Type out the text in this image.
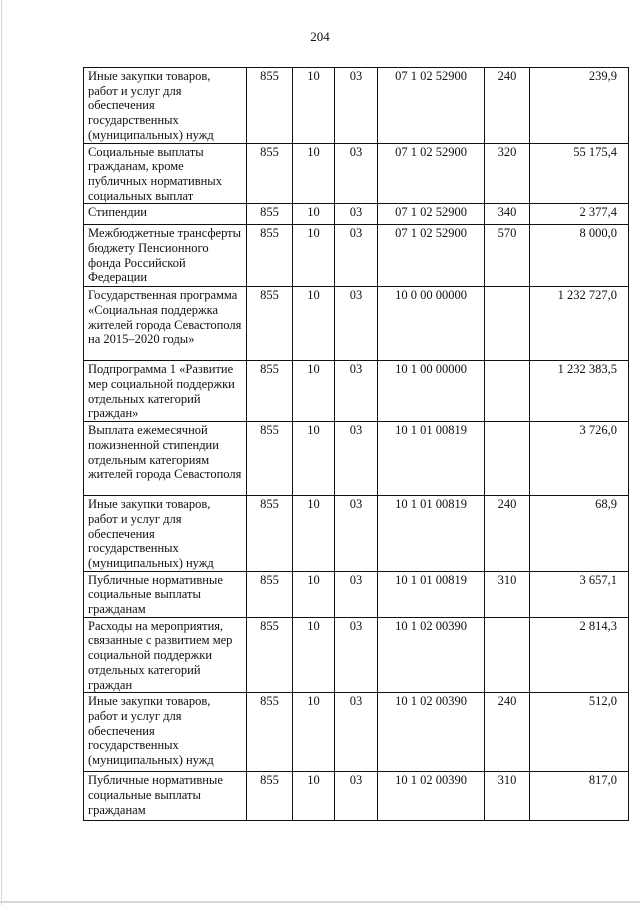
204
Иные закупки товаров, работ и услуг для обеспечения государственных (муниципальных) нужд	855	10	03	07 1 02 52900	240	239,9
Социальные выплаты гражданам, кроме публичных нормативных социальных выплат	855	10	03	07 1 02 52900	320	55 175,4
Стипендии	855	10	03	07 1 02 52900	340	2 377,4
Межбюджетные трансферты бюджету Пенсионного фонда Российской Федерации	855	10	03	07 1 02 52900	570	8 000,0
Государственная программа «Социальная поддержка жителей города Севастополя на 2015–2020 годы»	855	10	03	10 0 00 00000		1 232 727,0
Подпрограмма 1 «Развитие мер социальной поддержки отдельных категорий граждан»	855	10	03	10 1 00 00000		1 232 383,5
Выплата ежемесячной пожизненной стипендии отдельным категориям жителей города Севастополя	855	10	03	10 1 01 00819		3 726,0
Иные закупки товаров, работ и услуг для обеспечения государственных (муниципальных) нужд	855	10	03	10 1 01 00819	240	68,9
Публичные нормативные социальные выплаты гражданам	855	10	03	10 1 01 00819	310	3 657,1
Расходы на мероприятия, связанные с развитием мер социальной поддержки отдельных категорий граждан	855	10	03	10 1 02 00390		2 814,3
Иные закупки товаров, работ и услуг для обеспечения государственных (муниципальных) нужд	855	10	03	10 1 02 00390	240	512,0
Публичные нормативные социальные выплаты гражданам	855	10	03	10 1 02 00390	310	817,0
